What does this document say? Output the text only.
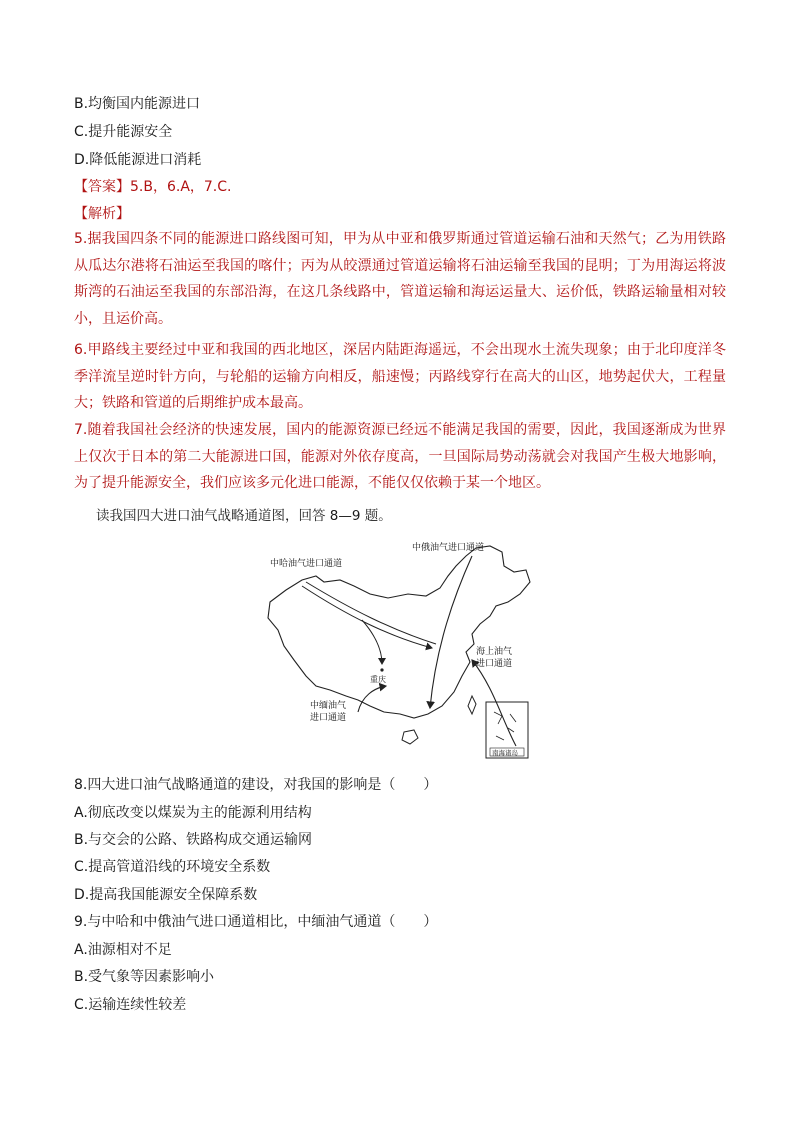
B.均衡国内能源进口
C.提升能源安全
D.降低能源进口消耗
【答案】5.B，6.A，7.C.
【解析】
5.据我国四条不同的能源进口路线图可知，甲为从中亚和俄罗斯通过管道运输石油和天然气；乙为用铁路从瓜达尔港将石油运至我国的喀什；丙为从皎漂通过管道运输将石油运输至我国的昆明；丁为用海运将波斯湾的石油运至我国的东部沿海，在这几条线路中，管道运输和海运运量大、运价低，铁路运输量相对较小，且运价高。
6.甲路线主要经过中亚和我国的西北地区，深居内陆距海遥远，不会出现水土流失现象；由于北印度洋冬季洋流呈逆时针方向，与轮船的运输方向相反，船速慢；丙路线穿行在高大的山区，地势起伏大，工程量大；铁路和管道的后期维护成本最高。
7.随着我国社会经济的快速发展，国内的能源资源已经远不能满足我国的需要，因此，我国逐渐成为世界上仅次于日本的第二大能源进口国，能源对外依存度高，一旦国际局势动荡就会对我国产生极大地影响，为了提升能源安全，我们应该多元化进口能源，不能仅仅依赖于某一个地区。
读我国四大进口油气战略通道图，回答 8—9 题。
中哈油气进口通道
中俄油气进口通道
海上油气
进口通道
中缅油气
进口通道
重庆
南海诸岛
8.四大进口油气战略通道的建设，对我国的影响是（　　）
A.彻底改变以煤炭为主的能源利用结构
B.与交会的公路、铁路构成交通运输网
C.提高管道沿线的环境安全系数
D.提高我国能源安全保障系数
9.与中哈和中俄油气进口通道相比，中缅油气通道（　　）
A.油源相对不足
B.受气象等因素影响小
C.运输连续性较差
